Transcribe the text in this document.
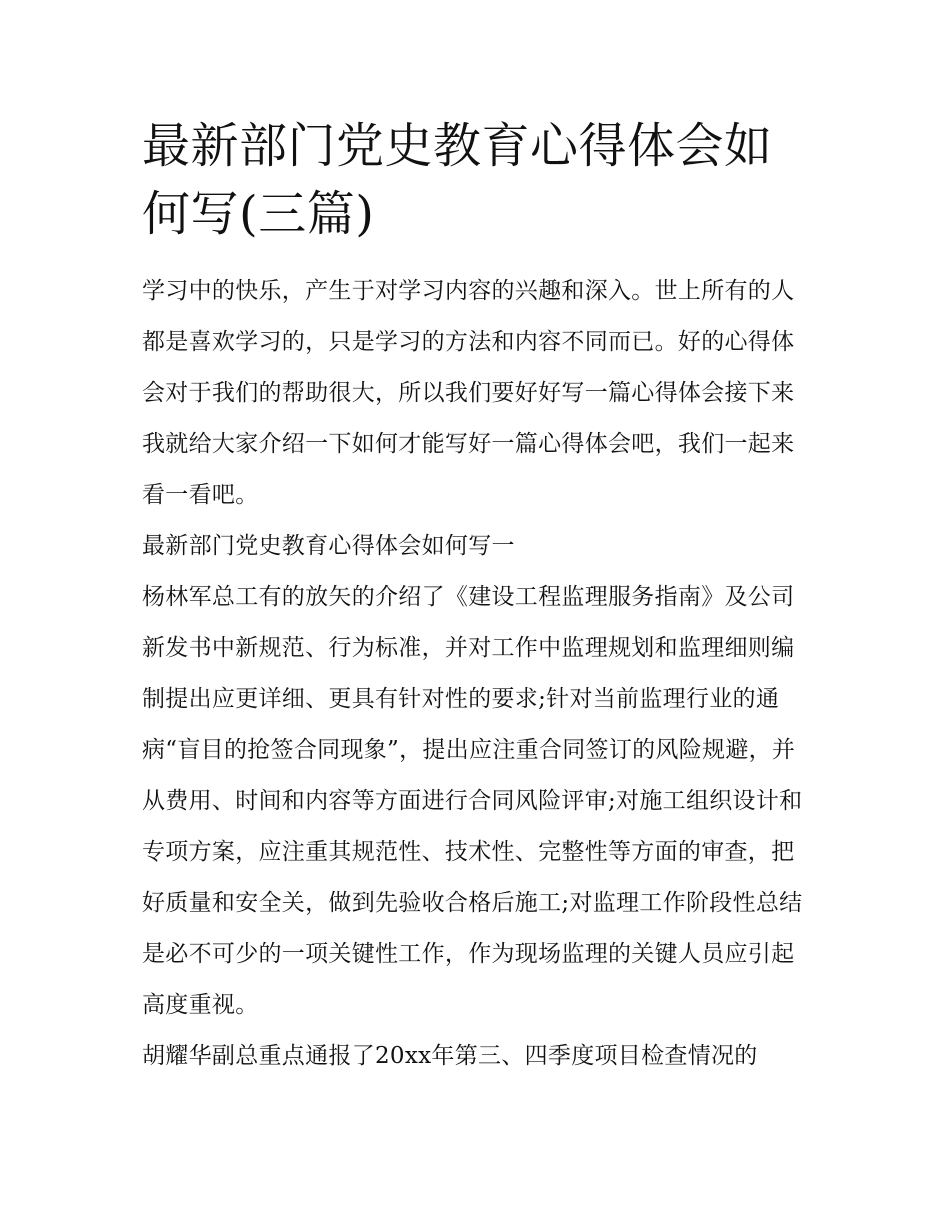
最新部门党史教育心得体会如何写(三篇)

学习中的快乐，产生于对学习内容的兴趣和深入。世上所有的人都是喜欢学习的，只是学习的方法和内容不同而已。好的心得体会对于我们的帮助很大，所以我们要好好写一篇心得体会接下来我就给大家介绍一下如何才能写好一篇心得体会吧，我们一起来看一看吧。

最新部门党史教育心得体会如何写一

杨林军总工有的放矢的介绍了《建设工程监理服务指南》及公司新发书中新规范、行为标准，并对工作中监理规划和监理细则编制提出应更详细、更具有针对性的要求;针对当前监理行业的通病“盲目的抢签合同现象”，提出应注重合同签订的风险规避，并从费用、时间和内容等方面进行合同风险评审;对施工组织设计和专项方案，应注重其规范性、技术性、完整性等方面的审查，把好质量和安全关，做到先验收合格后施工;对监理工作阶段性总结是必不可少的一项关键性工作，作为现场监理的关键人员应引起高度重视。

胡耀华副总重点通报了20xx年第三、四季度项目检查情况的
